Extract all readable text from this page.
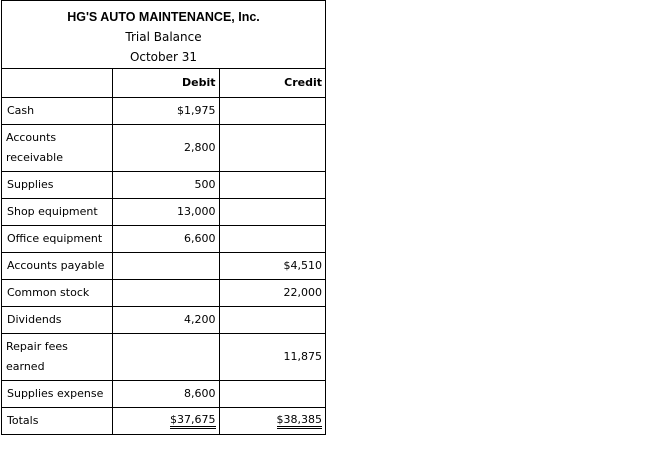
HG'S AUTO MAINTENANCE, Inc.
Trial Balance
October 31
	Debit	Credit
Cash	$1,975	
Accounts receivable	2,800	
Supplies	500	
Shop equipment	13,000	
Office equipment	6,600	
Accounts payable		$4,510
Common stock		22,000
Dividends	4,200	
Repair fees earned		11,875
Supplies expense	8,600	
Totals	$37,675	$38,385
